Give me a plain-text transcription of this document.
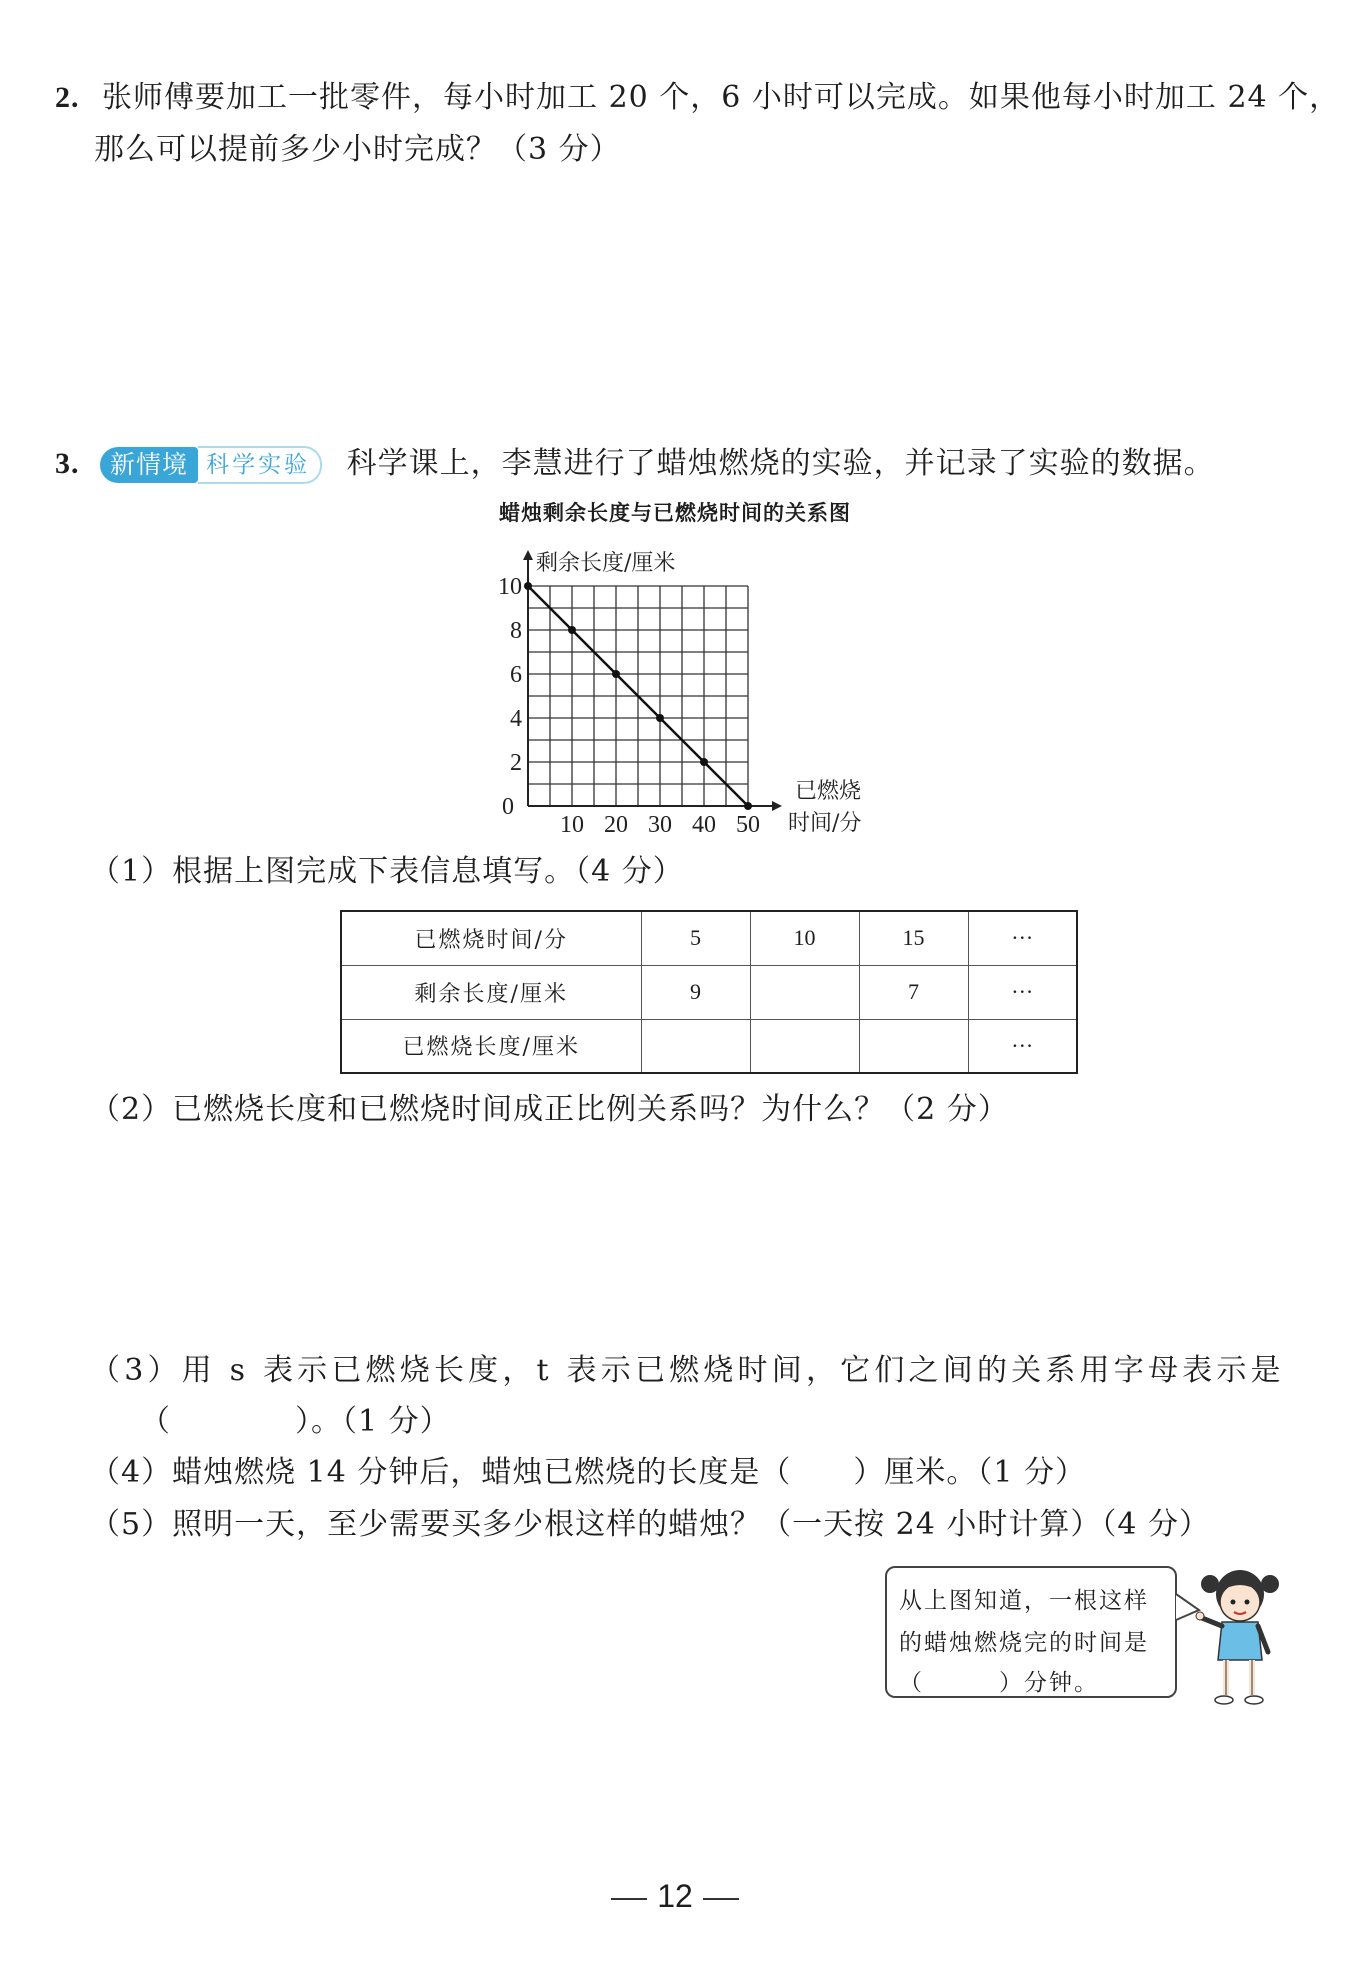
2. 张师傅要加工一批零件，每小时加工 20 个，6 小时可以完成。如果他每小时加工 24 个，
那么可以提前多少小时完成？（3 分）
3.	新情境 科学实验	科学课上，李慧进行了蜡烛燃烧的实验，并记录了实验的数据。
蜡烛剩余长度与已燃烧时间的关系图
10 20 30 40 50
2
4
6
8
10
剩余长度/厘米
已燃烧
时间/分
0
（1）根据上图完成下表信息填写。（4 分）
已燃烧时间/分	5	10	15	···
剩余长度/厘米	9		7	···
已燃烧长度/厘米				···
（2）已燃烧长度和已燃烧时间成正比例关系吗？为什么？（2 分）
（3）用 s 表示已燃烧长度，t 表示已燃烧时间，它们之间的关系用字母表示是
（　　　　）。（1 分）
（4）蜡烛燃烧 14 分钟后，蜡烛已燃烧的长度是（　　）厘米。（1 分）
（5）照明一天，至少需要买多少根这样的蜡烛？（一天按 24 小时计算）（4 分）
从上图知道，一根这样
的蜡烛燃烧完的时间是
（　　　）分钟。
12
